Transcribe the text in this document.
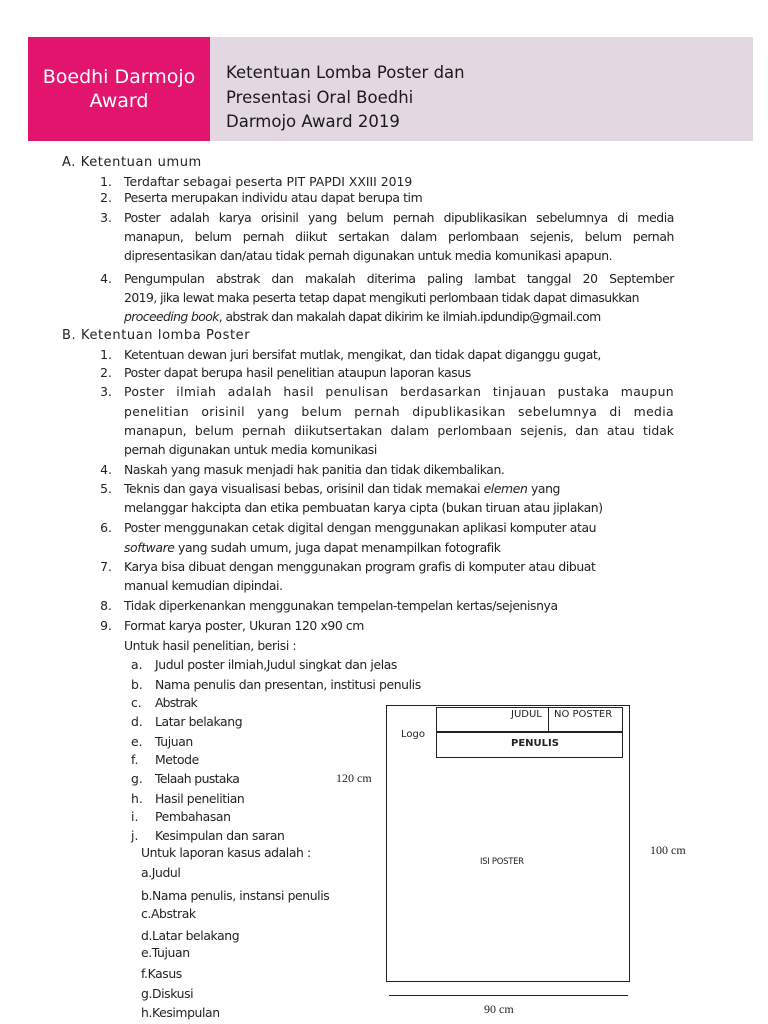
Boedhi Darmojo
Award
Ketentuan Lomba Poster dan
Presentasi Oral Boedhi
Darmojo Award 2019
A. Ketentuan umum
1. Terdaftar sebagai peserta PIT PAPDI XXIII 2019
2. Peserta merupakan individu atau dapat berupa tim
3. Poster adalah karya orisinil yang belum pernah dipublikasikan sebelumnya di media
manapun, belum pernah diikut sertakan dalam perlombaan sejenis, belum pernah
dipresentasikan dan/atau tidak pernah digunakan untuk media komunikasi apapun.
4. Pengumpulan abstrak dan makalah diterima paling lambat tanggal 20 September
2019, jika lewat maka peserta tetap dapat mengikuti perlombaan tidak dapat dimasukkan
proceeding book, abstrak dan makalah dapat dikirim ke ilmiah.ipdundip@gmail.com
B. Ketentuan lomba Poster
1. Ketentuan dewan juri bersifat mutlak, mengikat, dan tidak dapat diganggu gugat,
2. Poster dapat berupa hasil penelitian ataupun laporan kasus
3. Poster ilmiah adalah hasil penulisan berdasarkan tinjauan pustaka maupun
penelitian orisinil yang belum pernah dipublikasikan sebelumnya di media
manapun, belum pernah diikutsertakan dalam perlombaan sejenis, dan atau tidak
pernah digunakan untuk media komunikasi
4. Naskah yang masuk menjadi hak panitia dan tidak dikembalikan.
5. Teknis dan gaya visualisasi bebas, orisinil dan tidak memakai elemen yang
melanggar hakcipta dan etika pembuatan karya cipta (bukan tiruan atau jiplakan)
6. Poster menggunakan cetak digital dengan menggunakan aplikasi komputer atau
software yang sudah umum, juga dapat menampilkan fotografik
7. Karya bisa dibuat dengan menggunakan program grafis di komputer atau dibuat
manual kemudian dipindai.
8. Tidak diperkenankan menggunakan tempelan-tempelan kertas/sejenisnya
9. Format karya poster, Ukuran 120 x90 cm
Untuk hasil penelitian, berisi :
a. Judul poster ilmiah,Judul singkat dan jelas
b. Nama penulis dan presentan, institusi penulis
c. Abstrak
d. Latar belakang
e. Tujuan
f. Metode
g. Telaah pustaka
h. Hasil penelitian
i. Pembahasan
j. Kesimpulan dan saran
Untuk laporan kasus adalah :
a.Judul
b.Nama penulis, instansi penulis
c.Abstrak
d.Latar belakang
e.Tujuan
f.Kasus
g.Diskusi
h.Kesimpulan
JUDUL NO POSTER
Logo
PENULIS
ISI POSTER
120 cm
100 cm
90 cm
